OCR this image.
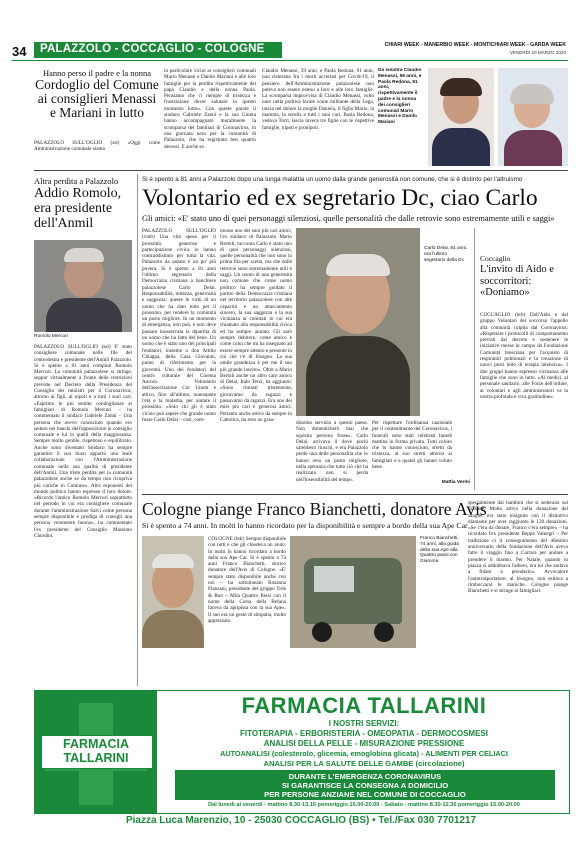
34 PALAZZOLO - COCCAGLIO - COLOGNE	CHIARI WEEK - MANERBIO WEEK - MONTICHIARI WEEK - GARDA WEEK
VENERDÌ 20 MARZO 2020
Hanno perso il padre e la nonna
Cordoglio del Comune ai consiglieri Menassi e Mariani in lutto
PALAZZOLO SULL'OGLIO (ssl) «Oggi come Amministrazione comunale siamo
in particolare vicini ai consiglieri comunali Mario Menassi e Danilo Mariani e alle loro famiglie per la perdita rispettivamente del papà Claudio e della nonna Paola. Pensiamo che ci riempie di tristezza e frustrazione dover salutare in questo momento lutto». Con queste parole il sindaco Gabriele Zanni e la sua Giunta hanno accompagnato moralmente la scomparsa dei familiari di Coronavirus, in una giornata nera per la comunità di Palazzolo, che ha registrato ben quattro decessi. E anche se
Claudio Menassi, 59 anni, e Paola Redona, 91 anni, non rientrano fra i morti accertati per Covid-19, il pensiero dell'Amministrazione palazzolese non poteva non essere esteso a loro e alle loro famiglie. La scomparsa improvvisa di Claudio Menassi, volto noto nella politica locale come militante della Lega, lascia nel dolore la moglie Daniela, il figlio Mario, la mamma, la sorella e tutti i suoi cari. Paola Redona, vedova Torri, lascia invece tre figlie con le rispettive famiglie, nipoti e pronipoti.
Da sinistra Claudio Menassi, 59 anni, e Paola Redona, 91 anni, rispettivamente il padre e la nonna dei consiglieri comunali Mario Menassi e Danilo Mariani
Altra perdita a Palazzolo
Addio Romolo, era presidente dell'Anmil
Romolo Mercuri
PALAZZOLO SULL'OGLIO (ssl) E' stato consigliere comunale nelle file del centrodestra e presidente dell'Anmil Palazzolo. Si è spento a 81 anni compiuti Romolo Mercuri. La comunità palazzolese si stringe, seppur virtualmente a fronte delle restrizioni previste nel Decreto della Presidenza del Consiglio dei ministri per il Coronavirus, attorno ai figli, ai nipoti e a tutti i suoi cari. «Esprimo le più sentite condoglianze ai famigliari di Romolo Mercuri – ha commentato il sindaco Gabriele Zanni – Una persona che avevo conosciuto quando ero seduto nei banchi dell'opposizione in consiglio comunale e lui in quelli della maggioranza. Sempre molto gentile, rispettoso e equilibrato. Anche sono diventato Sindaco ha sempre garantito il suo buon apporto una leale collaborazione con l'Amministrazione comunale nella sua qualità di presidente dell'Anmil. Una triste perdita per la comunità palazzolese anche se da tempo non ricopriva più cariche in Comune». Altri esponenti del mondo politico hanno espresso il loro dolore. «Ricordo l'amico Romolo Mercuri soprattutto nel periodo in cui era consigliere comunale durante l'amministrazione Salvi come persona sempre disponibile e prodiga di consigli una persona veramente buona», ha commentato l'ex presidente del Consiglio Massimo Chiodini.
Si è spento a 81 anni a Palazzolo dopo una lunga malattia un uomo dalla grande generosità non comune, che si è distinto per l'altruismo
Volontario ed ex segretario Dc, ciao Carlo
Gli amici: «E' stato uno di quei personaggi silenziosi, quelle personalità che dalle retrovie sono estremamente utili e saggi»
PALAZZOLO SULL'OGLIO (vmb) Una vita spesa per il prossimo, generoso e partecipazione civica lo hanno contraddistinto per tutta la vita. Palazzolo da sabato è un po' più povera. Si è spento a 81 anni l'ultimo segretario della Democrazia cristiana a banchiere palazzolese Carlo Delai. Responsabilità, mitezza, generosità e saggezza: queste le virtù di un uomo che ha dato tutto per il prossimo, per rendere la comunità un posto migliore. In un momento di emergenza, non può, e non deve passare inosservata la dipartita di un uomo che ha fatto del bene. Un uomo che è stato uno dei principali fondatori, insieme a don Attilio Chiappa, della Casa Giovanni, punto di riferimento per la gioventù. Uno dei fondatori del centro culturale del Cinema Aurora. Volontario dell'associazione Cor Unum e attivo, fino all'ultimo, nonostante l'età e la malattia, per aiutare il prossimo. «Solo chi gli è stato vicino può sapere che grande uomo fosse Carlo Delai – così, com-
mosso uno dei suoi più cari amici, l'ex sindaco di Palazzolo Mario Bertoli, racconta Carlo è stato uno di quei personaggi silenziosi, quelle personalità che non sono in prima fila per scelta, ma che dalle retrovie sono estremamente utili e saggi. Un uomo di una generosità non comune che come uomo politico ha sempre guidato il partito della Democrazia cristiana nel territorio palazzolese con alte capacità e un attaccamento sincero, la sua saggezza e la sua vicinanza ai comitati in cui era chiamato alla responsabilità civica ed ha sempre aiutato. Gli sarò sempre debitore, come amico e come colui che mi ha insegnato ad essere sempre attento e presente in ciò che c'è di bisogno. La sua umile grandezza è per me il suo più grande lascito». Oltre a Mario Bertoli anche un altro caro amico di Delai, Italo Terzi, ha aggiunto: «Sono rimasti tristemente, giocavamo da ragazzi e passavamo da ragazzi. Era uno dei miei più cari e generosi amici. Pertanto anche attivo da sempre in Cattolica, ha reso un gran-
Carlo Delai, 81 anni, era l'ultimo segretario della Dc
dissimo servizio a questo paese. Non dimenticherò mai che squisita persona fosse». Carlo Delai, arrivava il dove pochi sarebbero riusciti, e era Palazzolo perde una delle personalità che lo hanno reso un posto migliore, nella speranza che tutto ciò che ha realizzato non si perda nell'insensibilità del tempo.
Per rispettare l'ordinanza nazionale per il contenimento del Coronavirus, i funerali sono stati celebrati lunedì mattina in forma privata. Tutti coloro che lo hanno conosciuto, stretti da tristezza, al suo stretti attorno ai famigliari e a quanti gli hanno voluto bene.
Mattia Vermi
Coccaglio
L'invito di Aido e soccorritori: «Doniamo»
COCCAGLIO (brb) Dall'Aido e dal gruppo Volontari del soccorso l'appello alla comunità colpita dal Coronavirus: «Rispettare i protocolli di comportamento previsti dal decreto e sostenere le iniziative messe in campo da Fondazione Comunità bresciana per l'acquisto di respiratori polmonari e la creazione di nuovi posti letto di terapia intensiva». I due gruppi hanno espresso vicinanza alle famiglie che sono in lutto. «Ai medici, al personale sanitario, alle Forze dell'ordine, ai volontari e agli amministratori va la nostra profonda e viva gratitudine».
Cologne piange Franco Bianchetti, donatore Avis
Si è spento a 74 anni. In molti lo hanno ricordato per la disponibilità e sempre a bordo della sua Ape Car
COLOGNE (bdr) Sempre disponibile con tutti e che gli chiedeva un aiuto. In molti lo hanno ricordato a bordo della sua Ape Car. Si è spento a 74 anni Franco Bianchetti, storico donatore dell'Avis di Cologne. «E' sempre stato disponibile anche con noi – ha sottolineato Rosanna Pianzani, presidente del gruppo Trek & Run – Mila Quattro Passi con il nome della Corsa della Befana faceva da apripista con la sua Ape». Il suo era un gesto di simpatia, molto apprezzato
Franco Bianchetti, 74 anni, alla guida della sua Ape alla Quattro passi con Giamma
specialmente dai bambini che si sederano sul cassone. Molto attivo nella donazione del sangue, era stato insignito con il distintivo diamante per aver raggiunto le 120 donazioni. «Se c'era da donare, Franco c'era sempre» – ha ricordato l'ex presidente Beppe Valnegri – Per tradizione ci il conseguimento del 40esimo anniversario della fondazione dell'Avis aveva fatto il viaggio fino a Carrara per andare a prendere il marmo. Per Natale, quando in piazza si addobbava l'albero, era lui che andava a fidato a prenderlo». Avvocatore l'autotrasportatore, al bisogno, non esitava a rimboccarsi le maniche. Cologne piange Bianchetti e si stringe ai famigliari.
FARMACIA
TALLARINI
FARMACIA TALLARINI
I NOSTRI SERVIZI:
FITOTERAPIA - ERBORISTERIA - OMEOPATIA - DERMOCOSMESI
ANALISI DELLA PELLE - MISURAZIONE PRESSIONE
AUTOANALISI (colesterolo, glicemia, emoglobina glicata) - ALIMENTI PER CELIACI
ANALISI PER LA SALUTE DELLE GAMBE (circolazione)
DURANTE L'EMERGENZA CORONAVIRUS
SI GARANTISCE LA CONSEGNA A DOMICILIO
PER PERSONE ANZIANE NEL COMUNE DI COCCAGLIO
Dal lunedì al venerdì - mattino 8.30-13.15 pomeriggio 15.00-20.00 - Sabato - mattino 8.30-12.30 pomeriggio 15.00-20.00
Piazza Luca Marenzio, 10 - 25030 COCCAGLIO (BS) • Tel./Fax 030 7701217
